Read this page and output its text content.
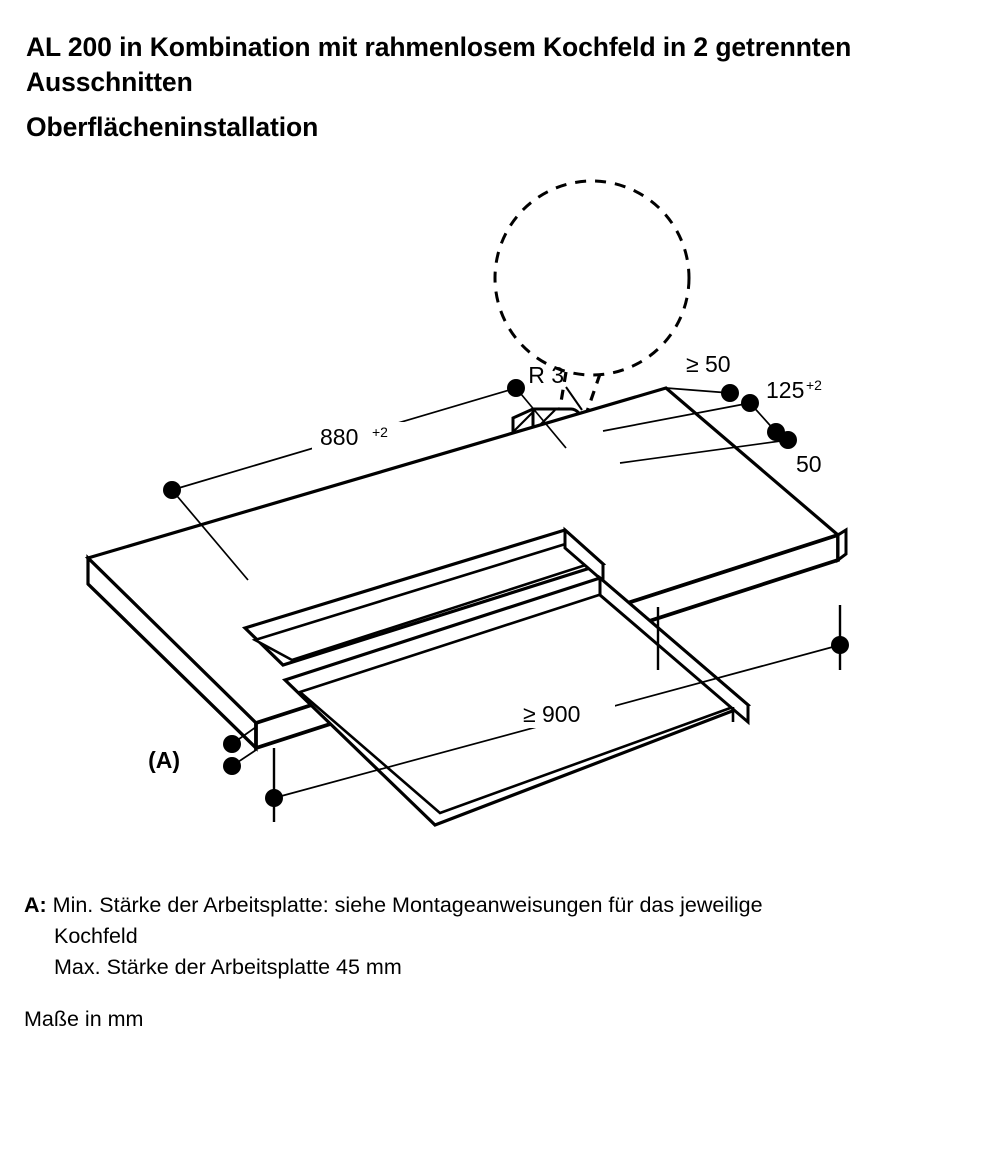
AL 200 in Kombination mit rahmenlosem Kochfeld in 2 getrennten
Ausschnitten
Oberflächeninstallation
R 3
880 +2
≥ 50
125 +2
50
≥ 900
(A)
A: Min. Stärke der Arbeitsplatte: siehe Montageanweisungen für das jeweilige
Kochfeld
Max. Stärke der Arbeitsplatte 45 mm
Maße in mm
